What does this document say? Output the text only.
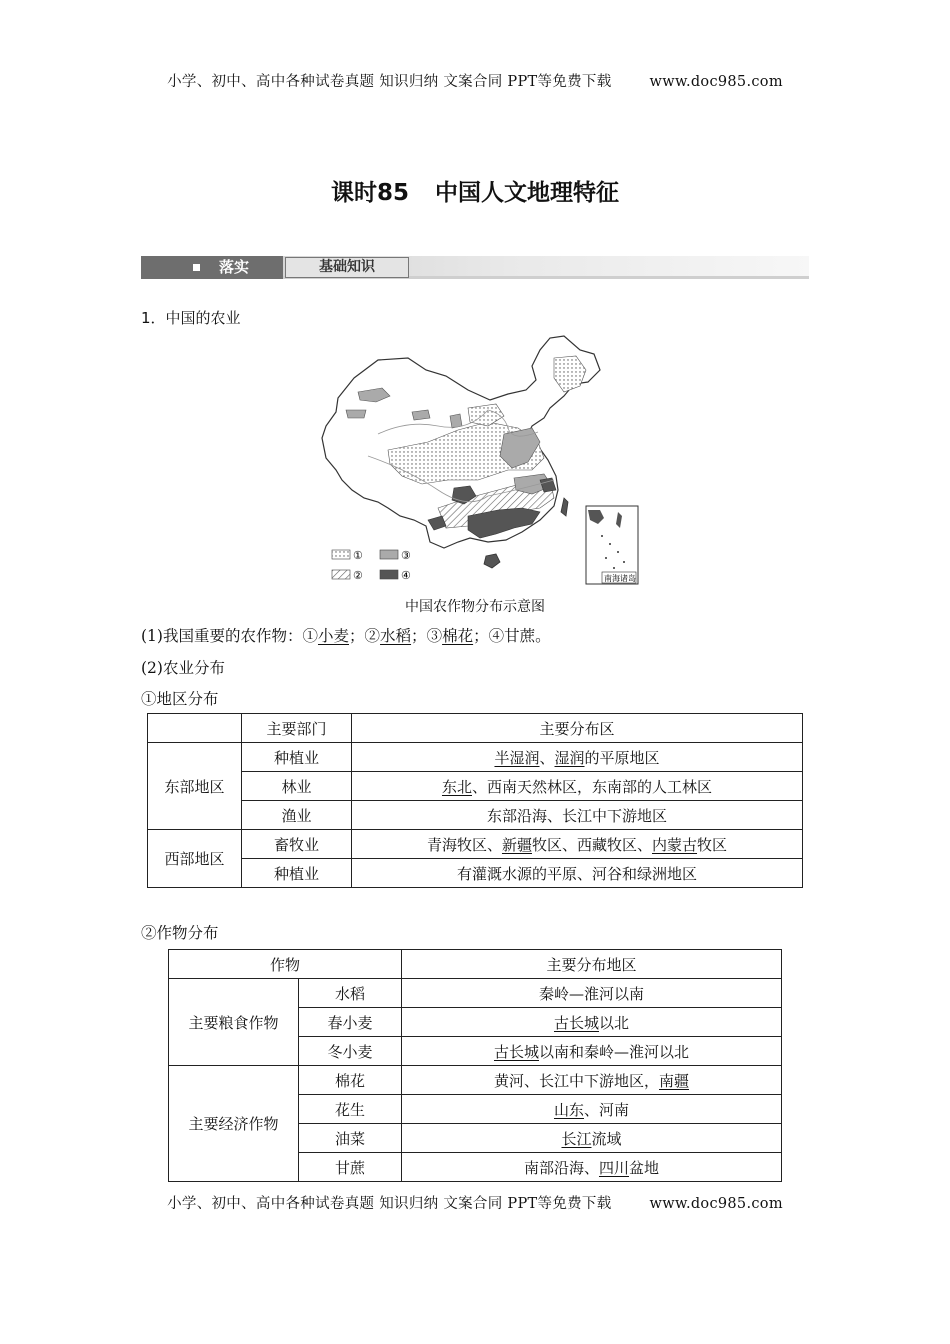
小学、初中、高中各种试卷真题 知识归纳 文案合同 PPT等免费下载	www.doc985.com
课时85 中国人文地理特征
落实	基础知识
1．中国的农业
①	③
②	④	南海诸岛
中国农作物分布示意图
(1)我国重要的农作物：①小麦；②水稻；③棉花；④甘蔗。
(2)农业分布
①地区分布
	主要部门	主要分布区
东部地区	种植业	半湿润、湿润的平原地区
	林业	东北、西南天然林区，东南部的人工林区
	渔业	东部沿海、长江中下游地区
西部地区	畜牧业	青海牧区、新疆牧区、西藏牧区、内蒙古牧区
	种植业	有灌溉水源的平原、河谷和绿洲地区
②作物分布
作物		主要分布地区
主要粮食作物	水稻	秦岭—淮河以南
	春小麦	古长城以北
	冬小麦	古长城以南和秦岭—淮河以北
主要经济作物	棉花	黄河、长江中下游地区，南疆
	花生	山东、河南
	油菜	长江流域
	甘蔗	南部沿海、四川盆地
小学、初中、高中各种试卷真题 知识归纳 文案合同 PPT等免费下载	www.doc985.com
